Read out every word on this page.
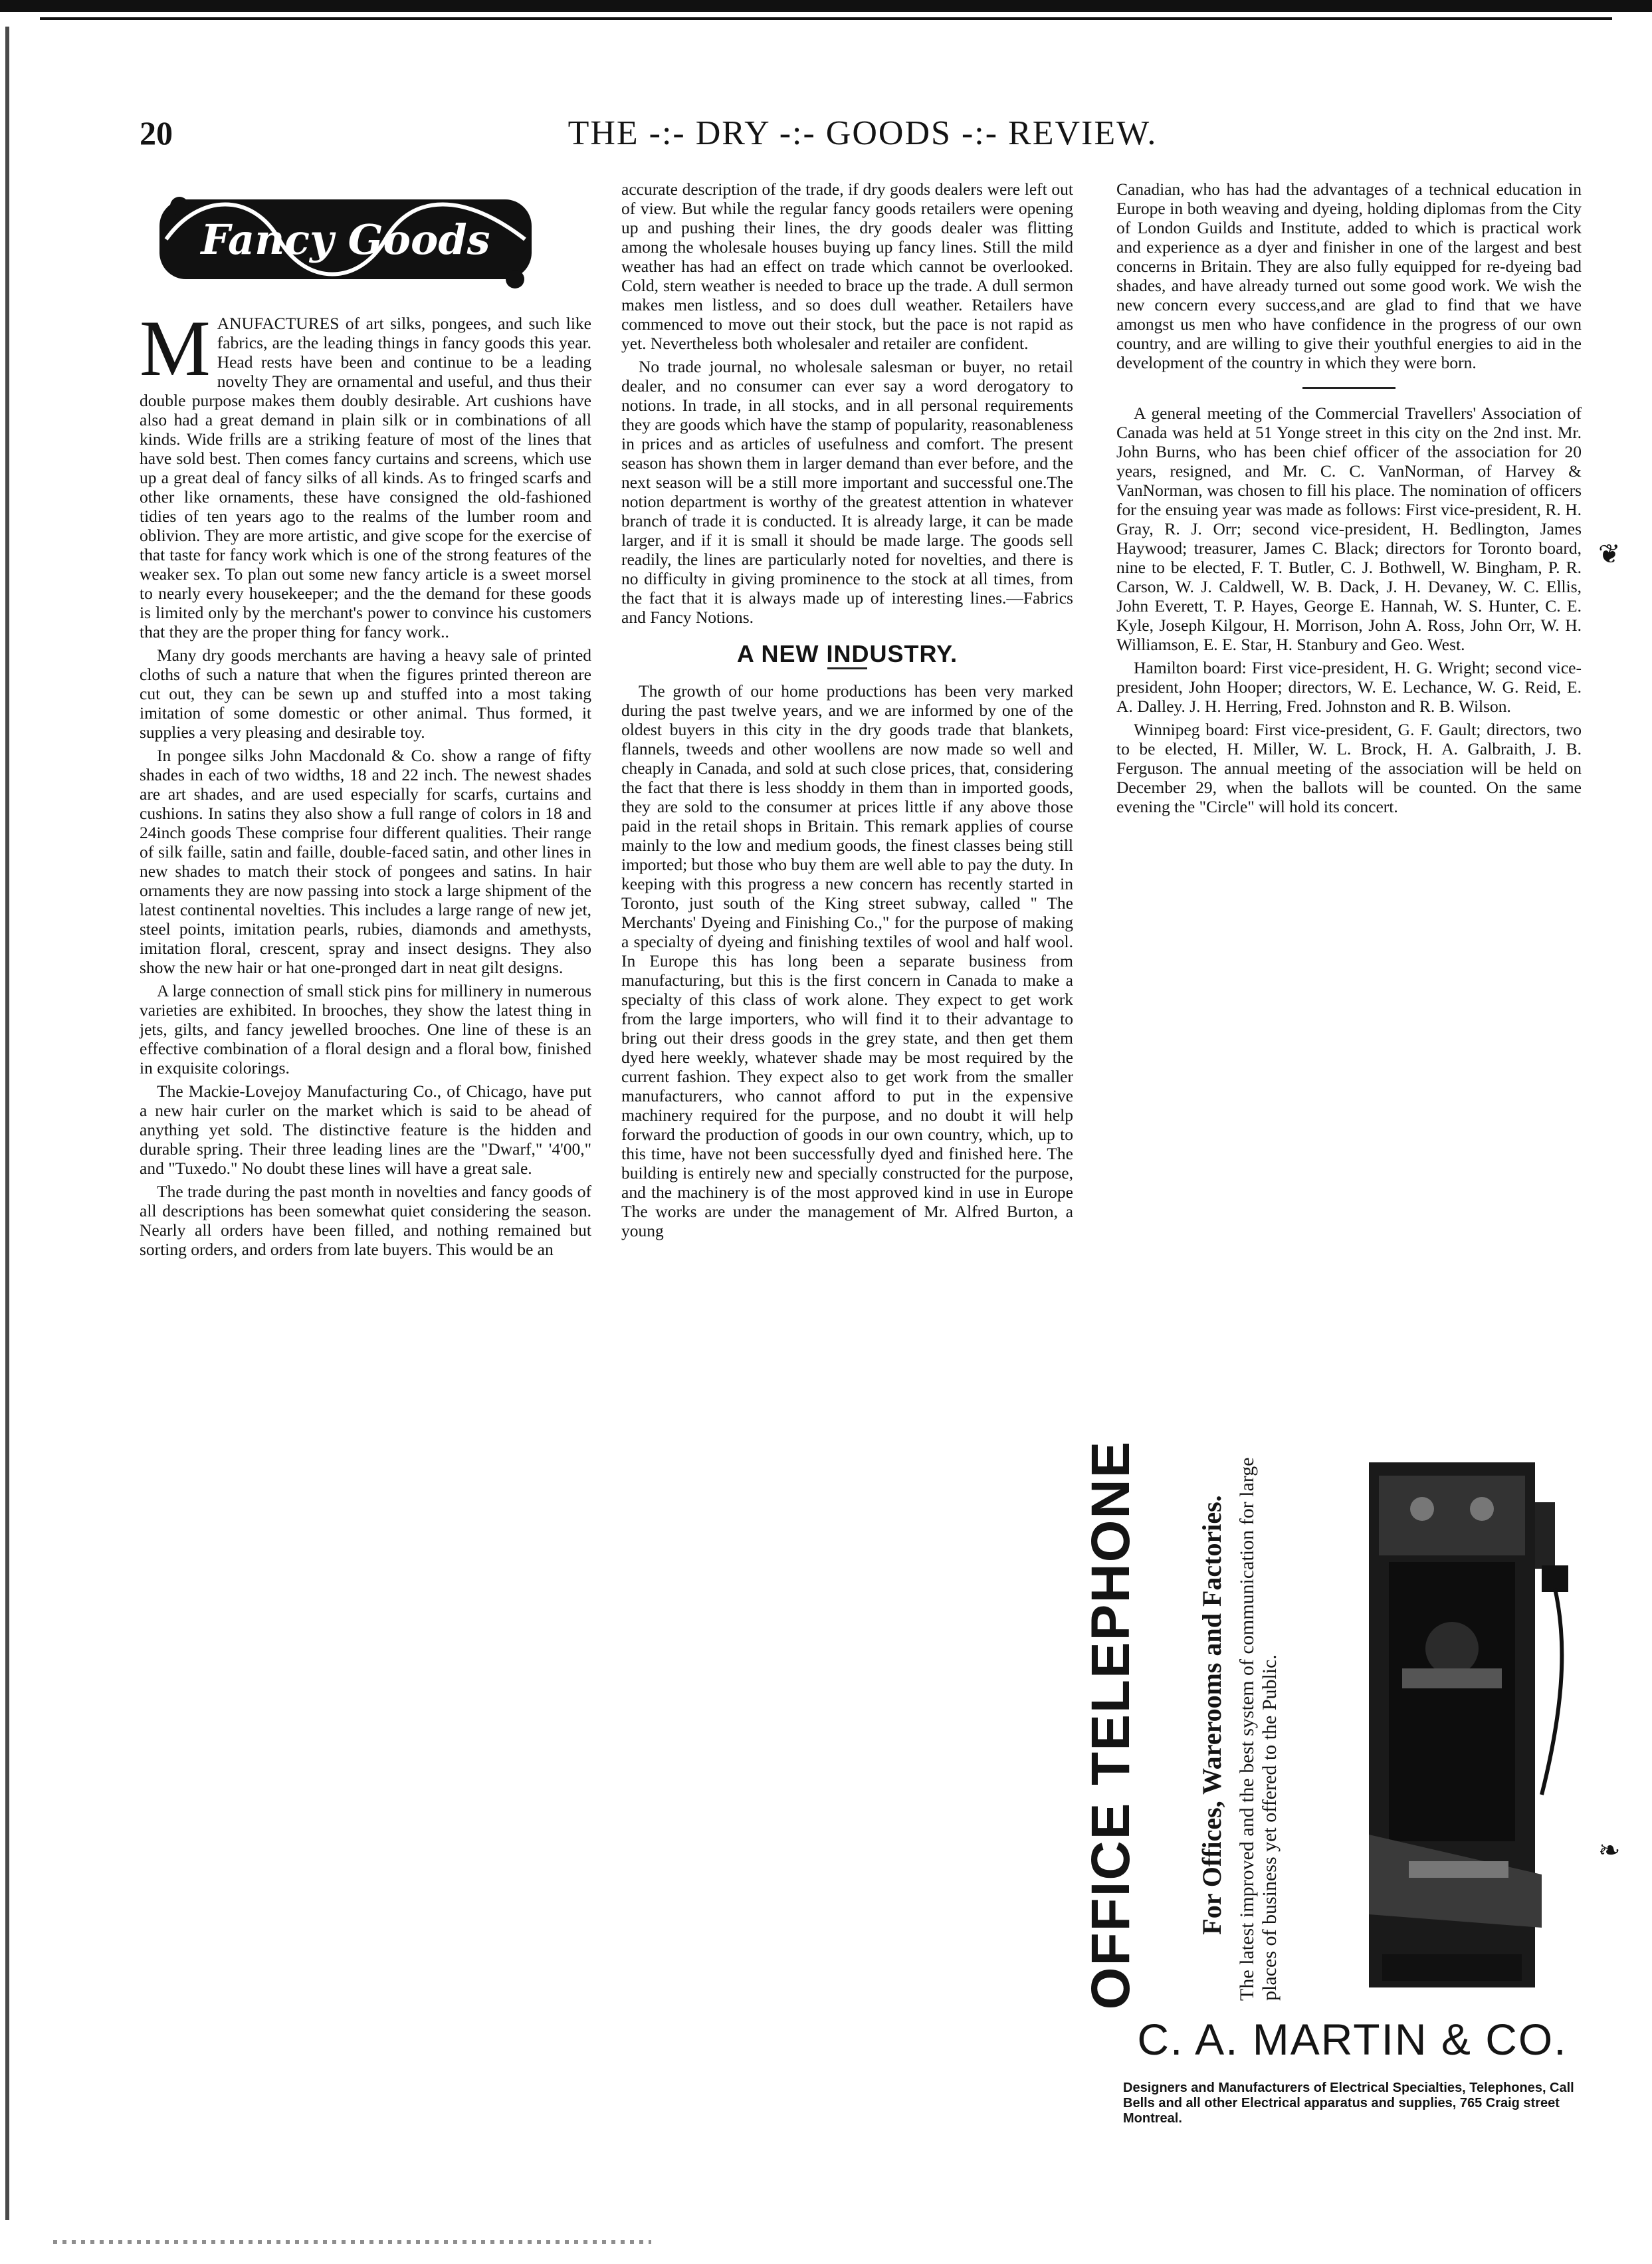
20	THE -:- DRY -:- GOODS -:- REVIEW.
Fancy Goods

MANUFACTURES of art silks, pongees, and such like fabrics, are the leading things in fancy goods this year. Head rests have been and continue to be a leading novelty They are ornamental and useful, and thus their double purpose makes them doubly desirable. Art cushions have also had a great demand in plain silk or in combinations of all kinds. Wide frills are a striking feature of most of the lines that have sold best. Then comes fancy curtains and screens, which use up a great deal of fancy silks of all kinds. As to fringed scarfs and other like ornaments, these have consigned the old-fashioned tidies of ten years ago to the realms of the lumber room and oblivion. They are more artistic, and give scope for the exercise of that taste for fancy work which is one of the strong features of the weaker sex. To plan out some new fancy article is a sweet morsel to nearly every housekeeper; and the the demand for these goods is limited only by the merchant's power to convince his customers that they are the proper thing for fancy work..

Many dry goods merchants are having a heavy sale of printed cloths of such a nature that when the figures printed thereon are cut out, they can be sewn up and stuffed into a most taking imitation of some domestic or other animal. Thus formed, it supplies a very pleasing and desirable toy.

In pongee silks John Macdonald & Co. show a range of fifty shades in each of two widths, 18 and 22 inch. The newest shades are art shades, and are used especially for scarfs, curtains and cushions. In satins they also show a full range of colors in 18 and 24inch goods These comprise four different qualities. Their range of silk faille, satin and faille, double-faced satin, and other lines in new shades to match their stock of pongees and satins. In hair ornaments they are now passing into stock a large shipment of the latest continental novelties. This includes a large range of new jet, steel points, imitation pearls, rubies, diamonds and amethysts, imitation floral, crescent, spray and insect designs. They also show the new hair or hat one-pronged dart in neat gilt designs.

A large connection of small stick pins for millinery in numerous varieties are exhibited. In brooches, they show the latest thing in jets, gilts, and fancy jewelled brooches. One line of these is an effective combination of a floral design and a floral bow, finished in exquisite colorings.

The Mackie-Lovejoy Manufacturing Co., of Chicago, have put a new hair curler on the market which is said to be ahead of anything yet sold. The distinctive feature is the hidden and durable spring. Their three leading lines are the "Dwarf," '4'00," and "Tuxedo." No doubt these lines will have a great sale.

The trade during the past month in novelties and fancy goods of all descriptions has been somewhat quiet considering the season. Nearly all orders have been filled, and nothing remained but sorting orders, and orders from late buyers. This would be an

accurate description of the trade, if dry goods dealers were left out of view. But while the regular fancy goods retailers were opening up and pushing their lines, the dry goods dealer was flitting among the wholesale houses buying up fancy lines. Still the mild weather has had an effect on trade which cannot be overlooked. Cold, stern weather is needed to brace up the trade. A dull sermon makes men listless, and so does dull weather. Retailers have commenced to move out their stock, but the pace is not rapid as yet. Nevertheless both wholesaler and retailer are confident.

No trade journal, no wholesale salesman or buyer, no retail dealer, and no consumer can ever say a word derogatory to notions. In trade, in all stocks, and in all personal requirements they are goods which have the stamp of popularity, reasonableness in prices and as articles of usefulness and comfort. The present season has shown them in larger demand than ever before, and the next season will be a still more important and successful one.The notion department is worthy of the greatest attention in whatever branch of trade it is conducted. It is already large, it can be made larger, and if it is small it should be made large. The goods sell readily, the lines are particularly noted for novelties, and there is no difficulty in giving prominence to the stock at all times, from the fact that it is always made up of interesting lines.—Fabrics and Fancy Notions.

A NEW INDUSTRY.

The growth of our home productions has been very marked during the past twelve years, and we are informed by one of the oldest buyers in this city in the dry goods trade that blankets, flannels, tweeds and other woollens are now made so well and cheaply in Canada, and sold at such close prices, that, considering the fact that there is less shoddy in them than in imported goods, they are sold to the consumer at prices little if any above those paid in the retail shops in Britain. This remark applies of course mainly to the low and medium goods, the finest classes being still imported; but those who buy them are well able to pay the duty. In keeping with this progress a new concern has recently started in Toronto, just south of the King street subway, called " The Merchants' Dyeing and Finishing Co.," for the purpose of making a specialty of dyeing and finishing textiles of wool and half wool. In Europe this has long been a separate business from manufacturing, but this is the first concern in Canada to make a specialty of this class of work alone. They expect to get work from the large importers, who will find it to their advantage to bring out their dress goods in the grey state, and then get them dyed here weekly, whatever shade may be most required by the current fashion. They expect also to get work from the smaller manufacturers, who cannot afford to put in the expensive machinery required for the purpose, and no doubt it will help forward the production of goods in our own country, which, up to this time, have not been successfully dyed and finished here. The building is entirely new and specially constructed for the purpose, and the machinery is of the most approved kind in use in Europe The works are under the management of Mr. Alfred Burton, a young

Canadian, who has had the advantages of a technical education in Europe in both weaving and dyeing, holding diplomas from the City of London Guilds and Institute, added to which is practical work and experience as a dyer and finisher in one of the largest and best concerns in Britain. They are also fully equipped for re-dyeing bad shades, and have already turned out some good work. We wish the new concern every success,and are glad to find that we have amongst us men who have confidence in the progress of our own country, and are willing to give their youthful energies to aid in the development of the country in which they were born.

A general meeting of the Commercial Travellers' Association of Canada was held at 51 Yonge street in this city on the 2nd inst. Mr. John Burns, who has been chief officer of the association for 20 years, resigned, and Mr. C. C. VanNorman, of Harvey & VanNorman, was chosen to fill his place. The nomination of officers for the ensuing year was made as follows: First vice-president, R. H. Gray, R. J. Orr; second vice-president, H. Bedlington, James Haywood; treasurer, James C. Black; directors for Toronto board, nine to be elected, F. T. Butler, C. J. Bothwell, W. Bingham, P. R. Carson, W. J. Caldwell, W. B. Dack, J. H. Devaney, W. C. Ellis, John Everett, T. P. Hayes, George E. Hannah, W. S. Hunter, C. E. Kyle, Joseph Kilgour, H. Morrison, John A. Ross, John Orr, W. H. Williamson, E. E. Star, H. Stanbury and Geo. West.

Hamilton board: First vice-president, H. G. Wright; second vice-president, John Hooper; directors, W. E. Lechance, W. G. Reid, E. A. Dalley. J. H. Herring, Fred. Johnston and R. B. Wilson.

Winnipeg board: First vice-president, G. F. Gault; directors, two to be elected, H. Miller, W. L. Brock, H. A. Galbraith, J. B. Ferguson. The annual meeting of the association will be held on December 29, when the ballots will be counted. On the same evening the "Circle" will hold its concert.

OFFICE TELEPHONE For Offices, Warerooms and Factories. The latest improved and the best system of communication for large places of business yet offered to the Public.
C. A. MARTIN & CO.
Designers and Manufacturers of Electrical Specialties, Telephones, Call Bells and all other Electrical apparatus and supplies, 765 Craig street Montreal.
❦
❧
